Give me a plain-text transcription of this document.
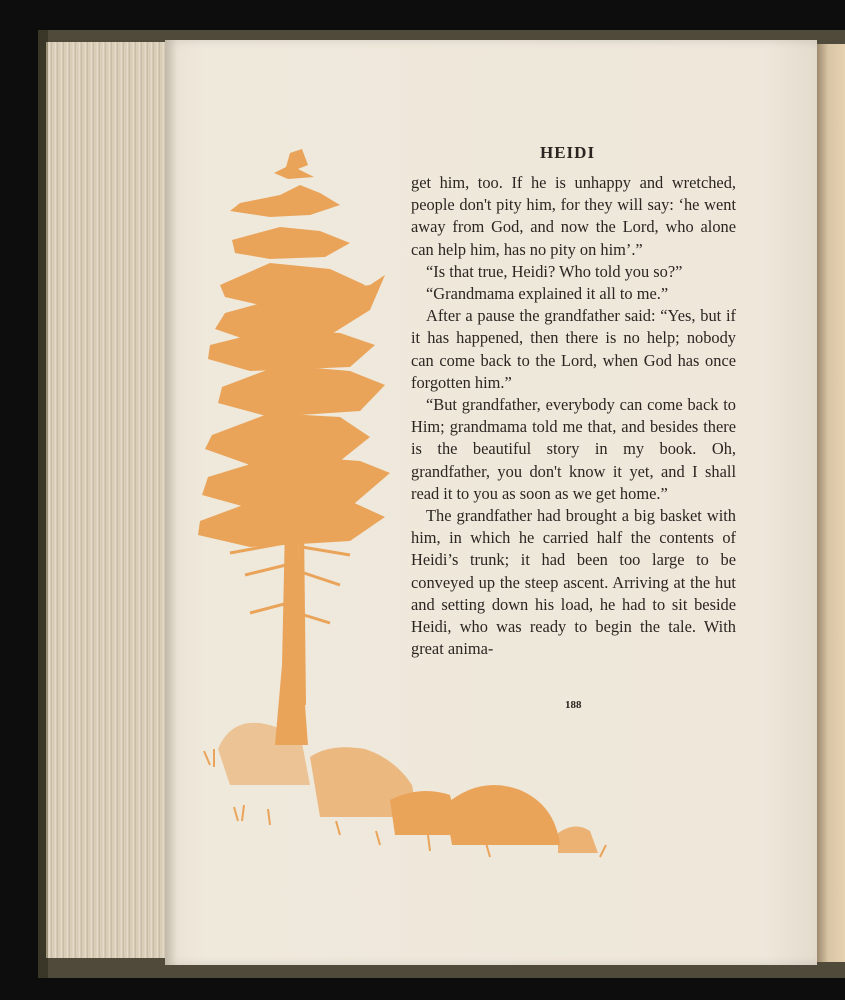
HEIDI

get him, too. If he is unhappy and wretched, people don't pity him, for they will say: ‘he went away from God, and now the Lord, who alone can help him, has no pity on him’.”

“Is that true, Heidi? Who told you so?”

“Grandmama explained it all to me.”

After a pause the grandfather said: “Yes, but if it has happened, then there is no help; nobody can come back to the Lord, when God has once forgotten him.”

“But grandfather, everybody can come back to Him; grandmama told me that, and besides there is the beautiful story in my book. Oh, grandfather, you don't know it yet, and I shall read it to you as soon as we get home.”

The grandfather had brought a big basket with him, in which he carried half the contents of Heidi’s trunk; it had been too large to be conveyed up the steep ascent. Arriving at the hut and setting down his load, he had to sit beside Heidi, who was ready to begin the tale. With great anima-

188
